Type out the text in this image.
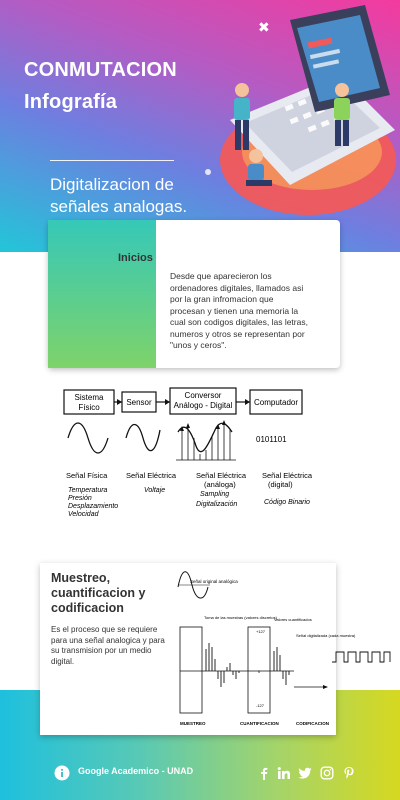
✖
CONMUTACION
Infografía
Digitalizacion de señales analogas.
Inicios
Desde que aparecieron los ordenadores digitales, llamados asi por la gran infromacion que procesan y tienen una memoria la cual son codigos digitales, las letras, numeros y otros se representan por "unos y ceros".
Sistema
Físico
Sensor
Conversor
Análogo - Digital	Computador
0101101
Señal Física Señal Eléctrica	Señal Eléctrica
(análoga)
Señal Eléctrica
(digital)
Temperatura
Presión
Desplazamiento
Velocidad
Voltaje
Sampling
Digitalización	Código Binario
Es el proceso que se requiere para una señal analogica y para su transmision por un medio digital.
Muestreo, cuantificacion y codificacion
Señal original analógica
Toma de las muestras (valores discretos)
Valores cuantificados
Señal digitalizada (cada muestra)
+127
0
-127
MUESTREO	CUANTIFICACION	CODIFICACION
Google Academico - UNAD
